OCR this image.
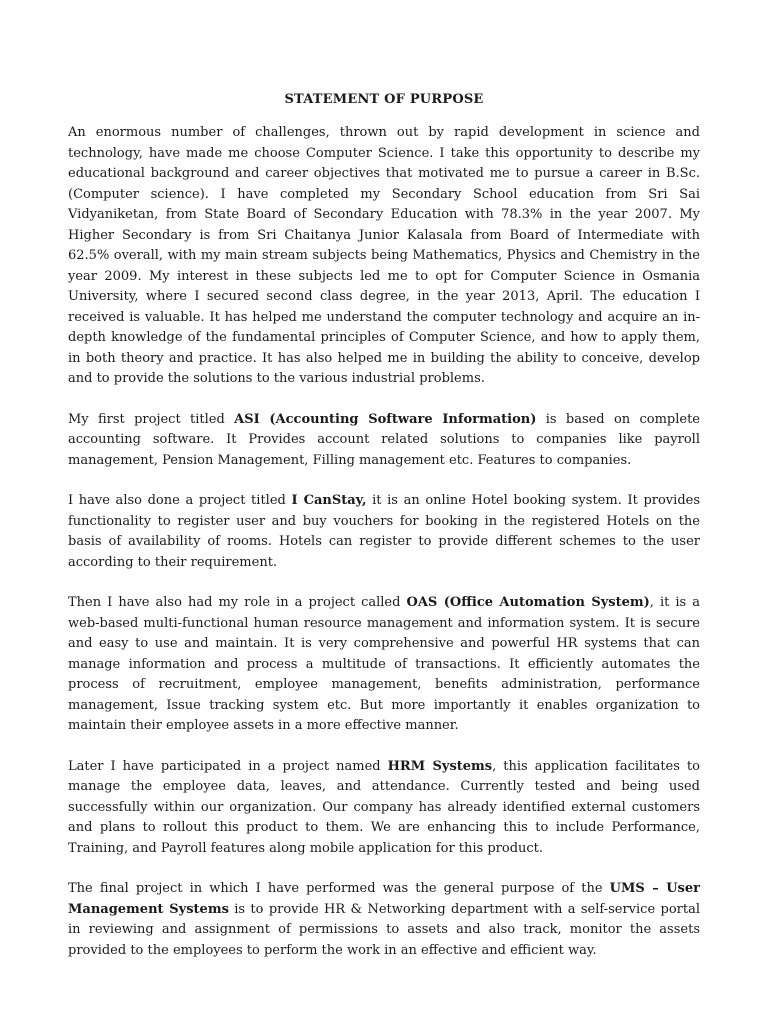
STATEMENT OF PURPOSE

An enormous number of challenges, thrown out by rapid development in science and technology, have made me choose Computer Science. I take this opportunity to describe my educational background and career objectives that motivated me to pursue a career in B.Sc. (Computer science). I have completed my Secondary School education from Sri Sai Vidyaniketan, from State Board of Secondary Education with 78.3% in the year 2007. My Higher Secondary is from Sri Chaitanya Junior Kalasala from Board of Intermediate with 62.5% overall, with my main stream subjects being Mathematics, Physics and Chemistry in the year 2009. My interest in these subjects led me to opt for Computer Science in Osmania University, where I secured second class degree, in the year 2013, April. The education I received is valuable. It has helped me understand the computer technology and acquire an in-depth knowledge of the fundamental principles of Computer Science, and how to apply them, in both theory and practice. It has also helped me in building the ability to conceive, develop and to provide the solutions to the various industrial problems.

My first project titled ASI (Accounting Software Information) is based on complete accounting software. It Provides account related solutions to companies like payroll management, Pension Management, Filling management etc. Features to companies.

I have also done a project titled I CanStay, it is an online Hotel booking system. It provides functionality to register user and buy vouchers for booking in the registered Hotels on the basis of availability of rooms. Hotels can register to provide different schemes to the user according to their requirement.

Then I have also had my role in a project called OAS (Office Automation System), it is a web-based multi-functional human resource management and information system. It is secure and easy to use and maintain. It is very comprehensive and powerful HR systems that can manage information and process a multitude of transactions. It efficiently automates the process of recruitment, employee management, benefits administration, performance management, Issue tracking system etc. But more importantly it enables organization to maintain their employee assets in a more effective manner.

Later I have participated in a project named HRM Systems, this application facilitates to manage the employee data, leaves, and attendance. Currently tested and being used successfully within our organization. Our company has already identified external customers and plans to rollout this product to them. We are enhancing this to include Performance, Training, and Payroll features along mobile application for this product.

The final project in which I have performed was the general purpose of the UMS – User Management Systems is to provide HR & Networking department with a self-service portal in reviewing and assignment of permissions to assets and also track, monitor the assets provided to the employees to perform the work in an effective and efficient way.
